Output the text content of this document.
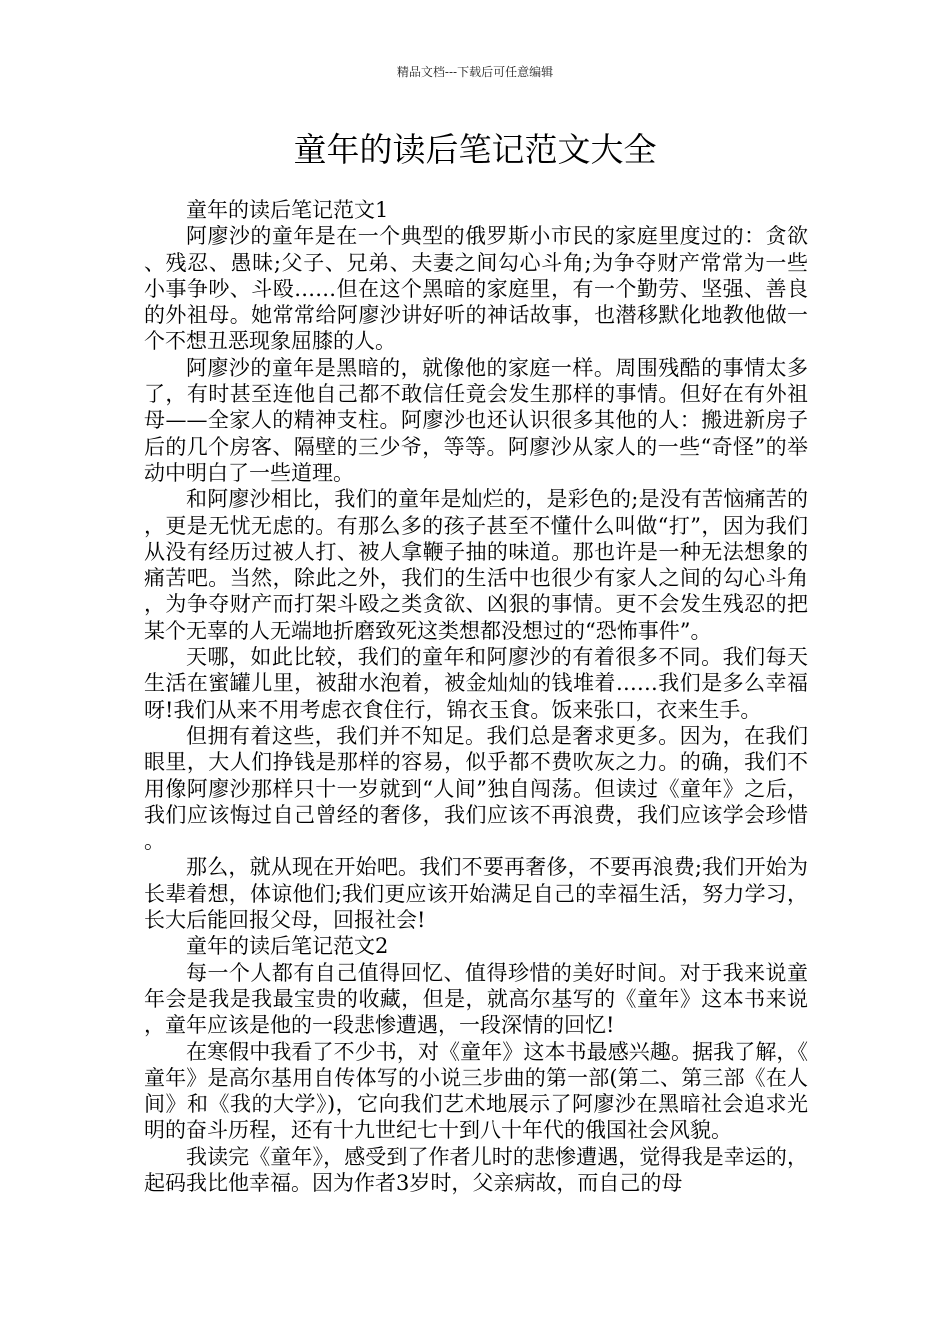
精品文档---下载后可任意编辑
童年的读后笔记范文大全

童年的读后笔记范文1

阿廖沙的童年是在一个典型的俄罗斯小市民的家庭里度过的：贪欲、残忍、愚昧;父子、兄弟、夫妻之间勾心斗角;为争夺财产常常为一些小事争吵、斗殴……但在这个黑暗的家庭里，有一个勤劳、坚强、善良的外祖母。她常常给阿廖沙讲好听的神话故事，也潜移默化地教他做一个不想丑恶现象屈膝的人。

阿廖沙的童年是黑暗的，就像他的家庭一样。周围残酷的事情太多了，有时甚至连他自己都不敢信任竟会发生那样的事情。但好在有外祖母——全家人的精神支柱。阿廖沙也还认识很多其他的人：搬进新房子后的几个房客、隔壁的三少爷，等等。阿廖沙从家人的一些“奇怪”的举动中明白了一些道理。

和阿廖沙相比，我们的童年是灿烂的，是彩色的;是没有苦恼痛苦的，更是无忧无虑的。有那么多的孩子甚至不懂什么叫做“打”，因为我们从没有经历过被人打、被人拿鞭子抽的味道。那也许是一种无法想象的痛苦吧。当然，除此之外，我们的生活中也很少有家人之间的勾心斗角，为争夺财产而打架斗殴之类贪欲、凶狠的事情。更不会发生残忍的把某个无辜的人无端地折磨致死这类想都没想过的“恐怖事件”。

天哪，如此比较，我们的童年和阿廖沙的有着很多不同。我们每天生活在蜜罐儿里，被甜水泡着，被金灿灿的钱堆着……我们是多么幸福呀!我们从来不用考虑衣食住行，锦衣玉食。饭来张口，衣来生手。

但拥有着这些，我们并不知足。我们总是奢求更多。因为，在我们眼里，大人们挣钱是那样的容易，似乎都不费吹灰之力。的确，我们不用像阿廖沙那样只十一岁就到“人间”独自闯荡。但读过《童年》之后，我们应该悔过自己曾经的奢侈，我们应该不再浪费，我们应该学会珍惜。

那么，就从现在开始吧。我们不要再奢侈，不要再浪费;我们开始为长辈着想，体谅他们;我们更应该开始满足自己的幸福生活，努力学习，长大后能回报父母，回报社会!

童年的读后笔记范文2

每一个人都有自己值得回忆、值得珍惜的美好时间。对于我来说童年会是我是我最宝贵的收藏，但是，就高尔基写的《童年》这本书来说，童年应该是他的一段悲惨遭遇，一段深情的回忆!

在寒假中我看了不少书，对《童年》这本书最感兴趣。据我了解，《童年》是高尔基用自传体写的小说三步曲的第一部(第二、第三部《在人间》和《我的大学》)，它向我们艺术地展示了阿廖沙在黑暗社会追求光明的奋斗历程，还有十九世纪七十到八十年代的俄国社会风貌。

我读完《童年》，感受到了作者儿时的悲惨遭遇，觉得我是幸运的，起码我比他幸福。因为作者3岁时，父亲病故，而自己的母
